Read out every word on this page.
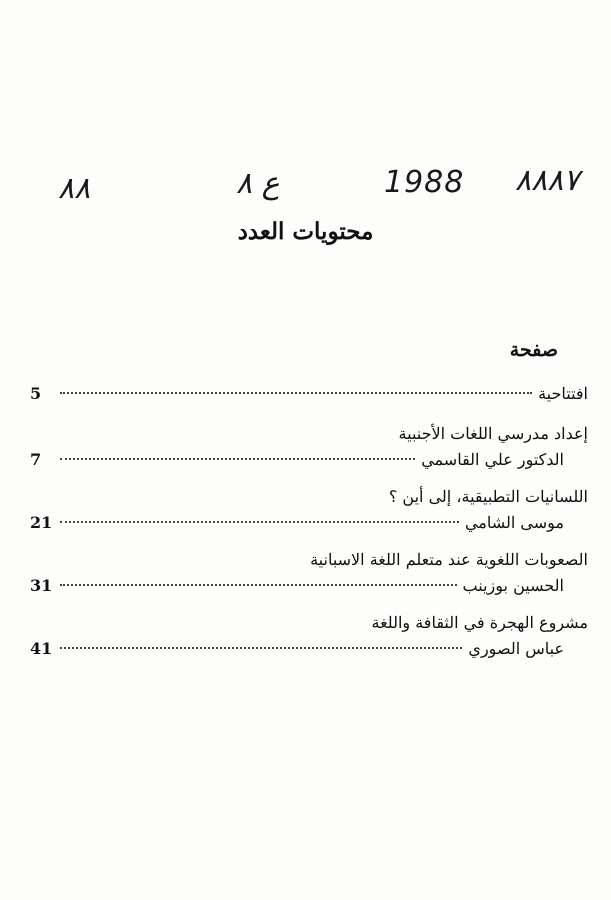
٨٨٨٧
1988
ع ٨
٨٨
محتويات العدد
صفحة
افتتاحية
5
إعداد مدرسي اللغات الأجنبية
الدكتور علي القاسمي
7
اللسانيات التطبيقية، إلى أين ؟
موسى الشامي
21
الصعوبات اللغوية عند متعلم اللغة الاسبانية
الحسين بوزينب
31
مشروع الهجرة في الثقافة واللغة
عباس الصوري
41
